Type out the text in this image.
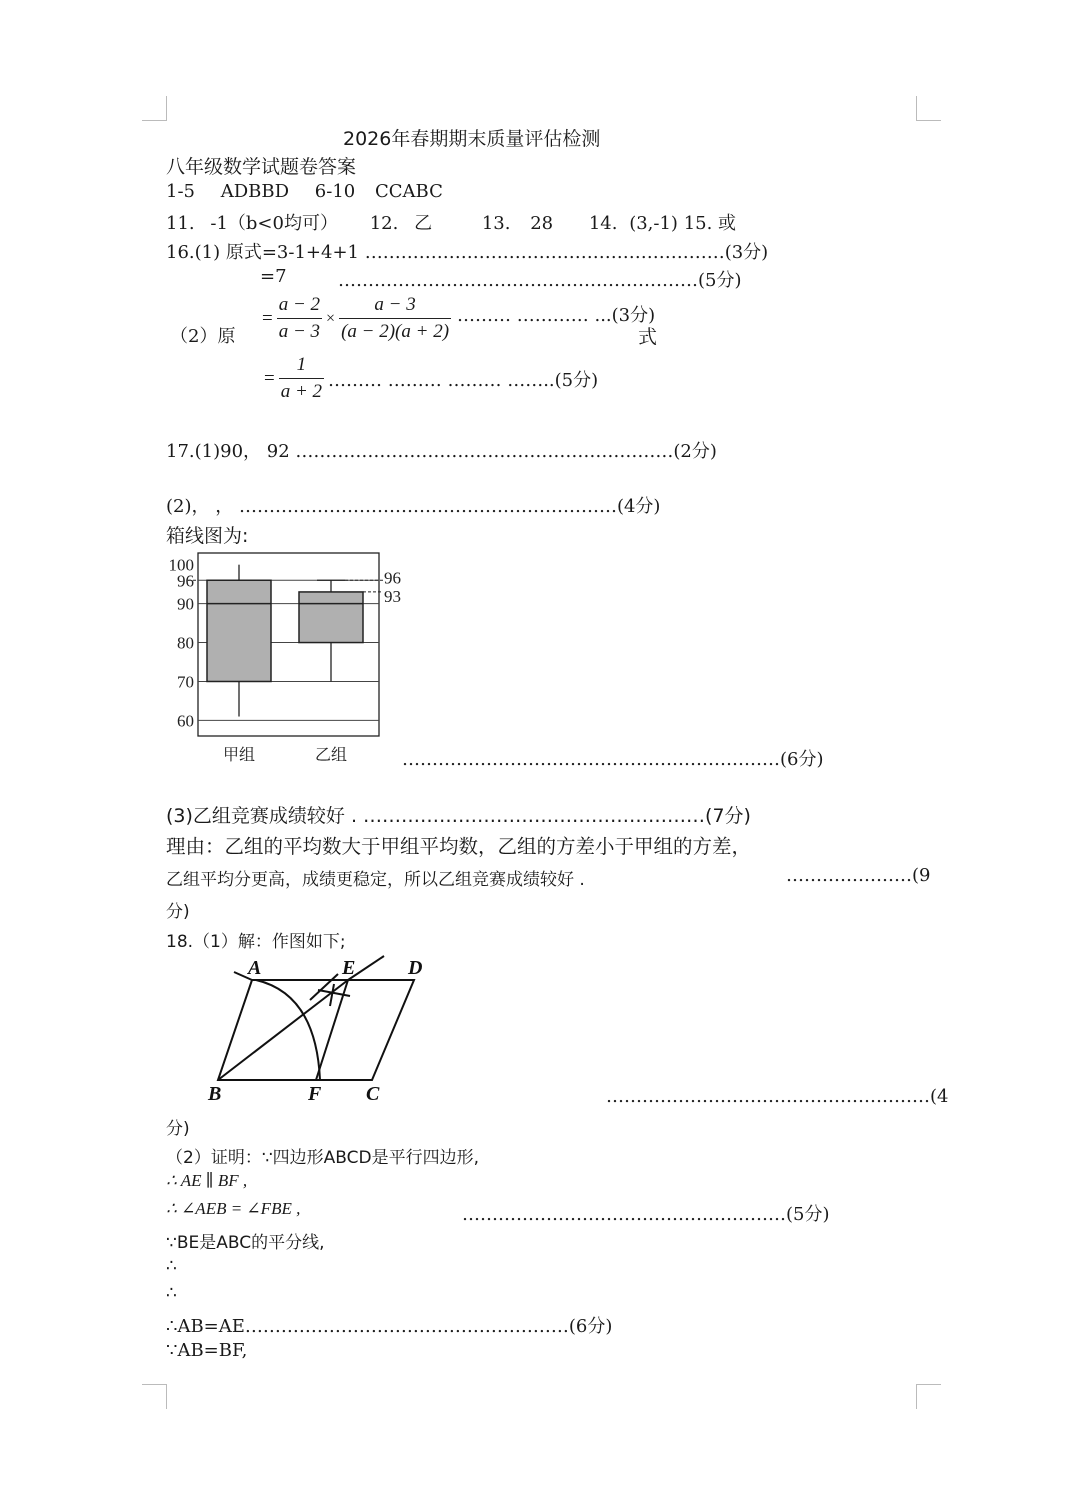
2026年春期期末质量评估检测
八年级数学试题卷答案
1-5 ADBBD 6-10 CCABC
11. -1（b<0均可） 12. 乙	13. 28 14. (3,-1) 15. 或
16.(1) 原式=3-1+4+1 ……………………………………………………(3分)
=7	……………………………………………………(5分)
（2）原
= $\frac{a - 2}{a - 3} \times \frac{a - 3}{(a - 2)(a + 2)}$ ……… ………… ...(3分)
式
= $\frac{1}{a + 2}$ ……… ……… ……… ……..(5分)
17.(1)90， 92 ………………………………………………………(2分)
(2)， ， ………………………………………………………(4分)
箱线图为:
60
70
80
90
96
100
甲组	乙组
96
93
………………………………………………………(6分)
(3)乙组竞赛成绩较好 . ………………………………………………(7分)
理由：乙组的平均数大于甲组平均数，乙组的方差小于甲组的方差，
乙组平均分更高，成绩更稳定，所以乙组竞赛成绩较好 .	…………………(9
分)
18.（1）解：作图如下;
A	E	D
B	F C	………………………………………………(4
分)
（2）证明：∵四边形ABCD是平行四边形,
∴ AE ∥ BF ,
∴ ∠AEB = ∠FBE ,	………………………………………………(5分)
∵BE是ABC的平分线,
∴
∴
∴AB=AE………………………………………………(6分)
∵AB=BF,
